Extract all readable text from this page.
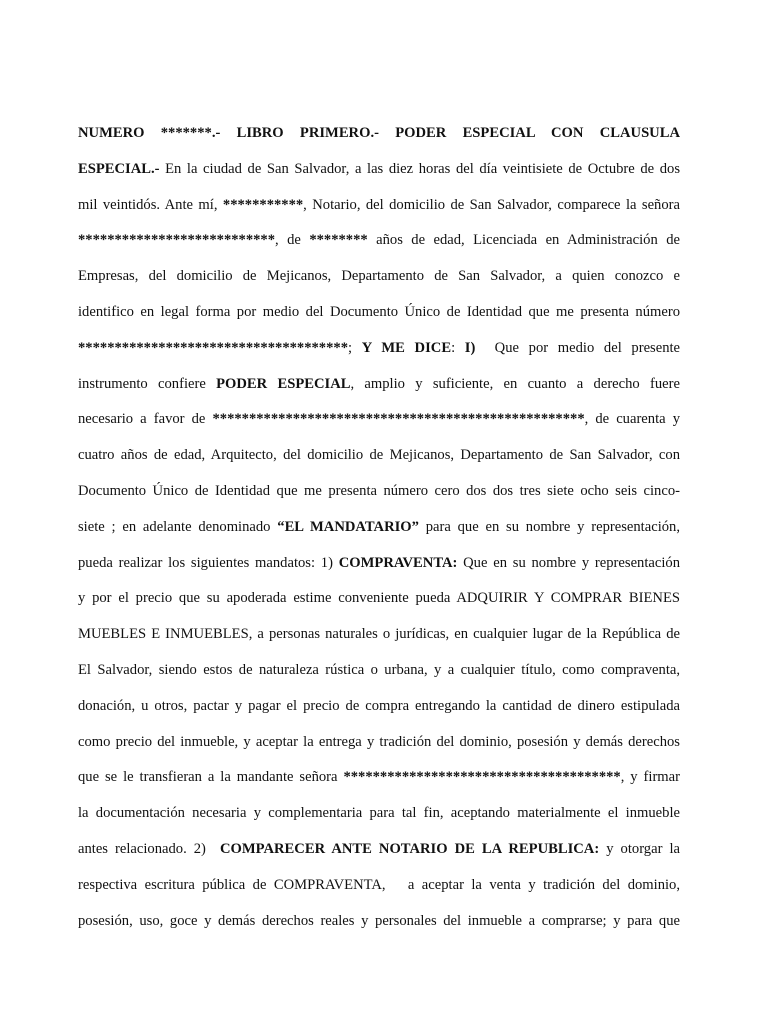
NUMERO *******.- LIBRO PRIMERO.- PODER ESPECIAL CON CLAUSULA
ESPECIAL.- En la ciudad de San Salvador, a las diez horas del día veintisiete de Octubre de dos
mil veintidós. Ante mí, ***********, Notario, del domicilio de San Salvador, comparece la señora
***************************, de ******** años de edad, Licenciada en Administración de
Empresas, del domicilio de Mejicanos, Departamento de San Salvador, a quien conozco e
identifico en legal forma por medio del Documento Único de Identidad que me presenta número
*************************************; Y ME DICE: I)  Que por medio del presente
instrumento confiere PODER ESPECIAL, amplio y suficiente, en cuanto a derecho fuere
necesario a favor de ***************************************************, de cuarenta y
cuatro años de edad, Arquitecto, del domicilio de Mejicanos, Departamento de San Salvador, con
Documento Único de Identidad que me presenta número cero dos dos tres siete ocho seis cinco-
siete ; en adelante denominado “EL MANDATARIO” para que en su nombre y representación,
pueda realizar los siguientes mandatos: 1) COMPRAVENTA: Que en su nombre y representación
y por el precio que su apoderada estime conveniente pueda ADQUIRIR Y COMPRAR BIENES
MUEBLES E INMUEBLES, a personas naturales o jurídicas, en cualquier lugar de la República de
El Salvador, siendo estos de naturaleza rústica o urbana, y a cualquier título, como compraventa,
donación, u otros, pactar y pagar el precio de compra entregando la cantidad de dinero estipulada
como precio del inmueble, y aceptar la entrega y tradición del dominio, posesión y demás derechos
que se le transfieran a la mandante señora **************************************, y firmar
la documentación necesaria y complementaria para tal fin, aceptando materialmente el inmueble
antes relacionado. 2)  COMPARECER ANTE NOTARIO DE LA REPUBLICA: y otorgar la
respectiva escritura pública de COMPRAVENTA,   a aceptar la venta y tradición del dominio,
posesión, uso, goce y demás derechos reales y personales del inmueble a comprarse; y para que
